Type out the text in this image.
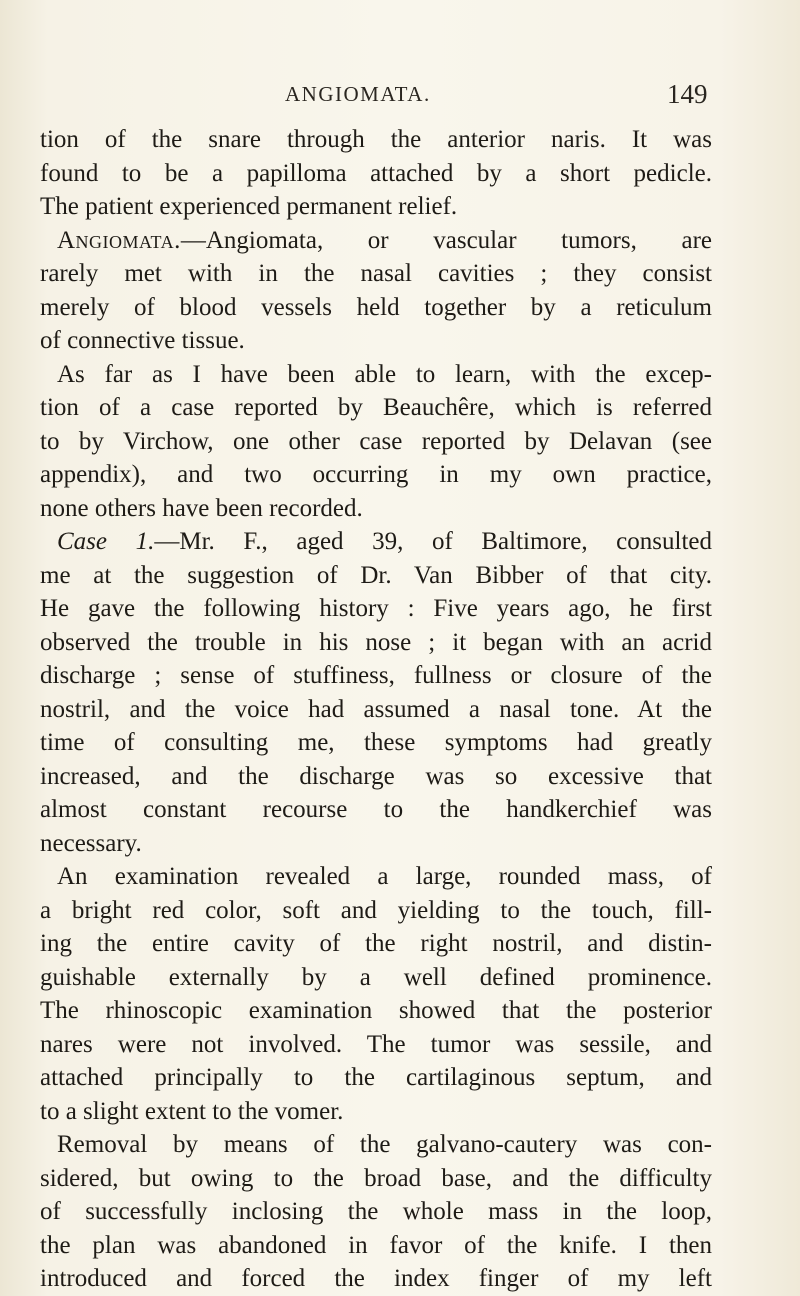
ANGIOMATA.	149
tion of the snare through the anterior naris. It was
found to be a papilloma attached by a short pedicle.
The patient experienced permanent relief.
Angiomata.—Angiomata, or vascular tumors, are
rarely met with in the nasal cavities ; they consist
merely of blood vessels held together by a reticulum
of connective tissue.
As far as I have been able to learn, with the excep-
tion of a case reported by Beauchêre, which is referred
to by Virchow, one other case reported by Delavan (see
appendix), and two occurring in my own practice,
none others have been recorded.
Case 1.—Mr. F., aged 39, of Baltimore, consulted
me at the suggestion of Dr. Van Bibber of that city.
He gave the following history : Five years ago, he first
observed the trouble in his nose ; it began with an acrid
discharge ; sense of stuffiness, fullness or closure of the
nostril, and the voice had assumed a nasal tone. At the
time of consulting me, these symptoms had greatly
increased, and the discharge was so excessive that
almost constant recourse to the handkerchief was
necessary.
An examination revealed a large, rounded mass, of
a bright red color, soft and yielding to the touch, fill-
ing the entire cavity of the right nostril, and distin-
guishable externally by a well defined prominence.
The rhinoscopic examination showed that the posterior
nares were not involved. The tumor was sessile, and
attached principally to the cartilaginous septum, and
to a slight extent to the vomer.
Removal by means of the galvano-cautery was con-
sidered, but owing to the broad base, and the difficulty
of successfully inclosing the whole mass in the loop,
the plan was abandoned in favor of the knife. I then
introduced and forced the index finger of my left
